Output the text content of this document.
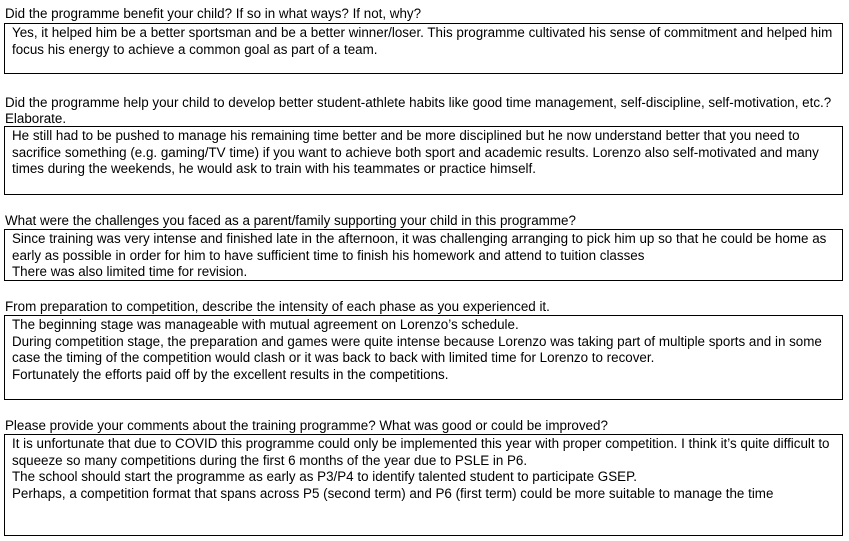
Did the programme benefit your child? If so in what ways? If not, why?

Yes, it helped him be a better sportsman and be a better winner/loser. This programme cultivated his sense of commitment and helped him focus his energy to achieve a common goal as part of a team.

Did the programme help your child to develop better student-athlete habits like good time management, self-discipline, self-motivation, etc.? Elaborate.

He still had to be pushed to manage his remaining time better and be more disciplined but he now understand better that you need to sacrifice something (e.g. gaming/TV time) if you want to achieve both sport and academic results. Lorenzo also self-motivated and many times during the weekends, he would ask to train with his teammates or practice himself.

What were the challenges you faced as a parent/family supporting your child in this programme?

Since training was very intense and finished late in the afternoon, it was challenging arranging to pick him up so that he could be home as early as possible in order for him to have sufficient time to finish his homework and attend to tuition classes

There was also limited time for revision.

From preparation to competition, describe the intensity of each phase as you experienced it.

The beginning stage was manageable with mutual agreement on Lorenzo’s schedule.

During competition stage, the preparation and games were quite intense because Lorenzo was taking part of multiple sports and in some case the timing of the competition would clash or it was back to back with limited time for Lorenzo to recover.

Fortunately the efforts paid off by the excellent results in the competitions.

Please provide your comments about the training programme? What was good or could be improved?

It is unfortunate that due to COVID this programme could only be implemented this year with proper competition. I think it’s quite difficult to squeeze so many competitions during the first 6 months of the year due to PSLE in P6.

The school should start the programme as early as P3/P4 to identify talented student to participate GSEP.

Perhaps, a competition format that spans across P5 (second term) and P6 (first term) could be more suitable to manage the time
